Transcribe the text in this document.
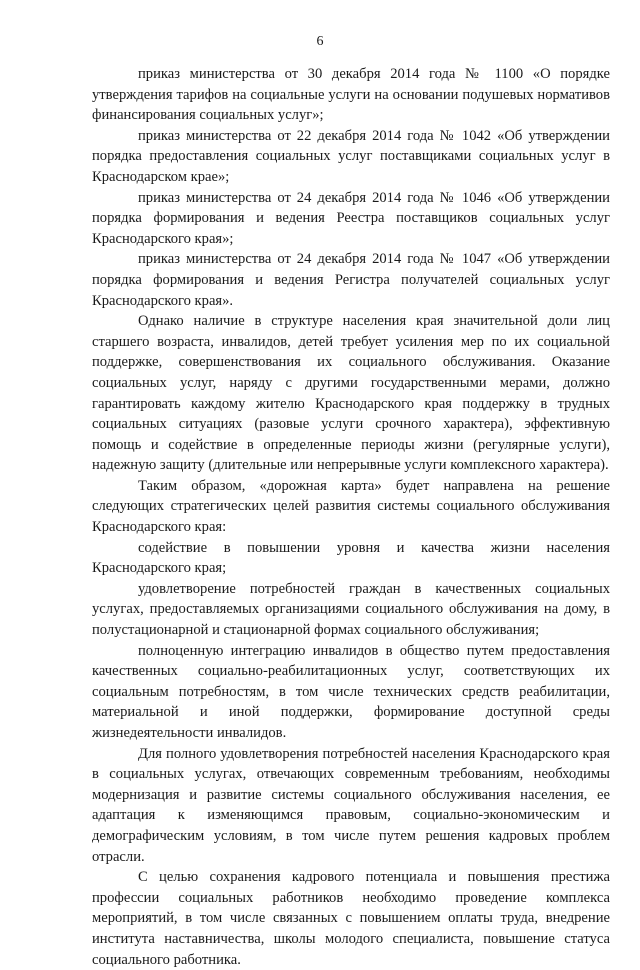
6

приказ министерства от 30 декабря 2014 года № 1100 «О порядке утверждения тарифов на социальные услуги на основании подушевых нормативов финансирования социальных услуг»;

приказ министерства от 22 декабря 2014 года № 1042 «Об утверждении порядка предоставления социальных услуг поставщиками социальных услуг в Краснодарском крае»;

приказ министерства от 24 декабря 2014 года № 1046 «Об утверждении порядка формирования и ведения Реестра поставщиков социальных услуг Краснодарского края»;

приказ министерства от 24 декабря 2014 года № 1047 «Об утверждении порядка формирования и ведения Регистра получателей социальных услуг Краснодарского края».

Однако наличие в структуре населения края значительной доли лиц старшего возраста, инвалидов, детей требует усиления мер по их социальной поддержке, совершенствования их социального обслуживания. Оказание социальных услуг, наряду с другими государственными мерами, должно гарантировать каждому жителю Краснодарского края поддержку в трудных социальных ситуациях (разовые услуги срочного характера), эффективную помощь и содействие в определенные периоды жизни (регулярные услуги), надежную защиту (длительные или непрерывные услуги комплексного характера).

Таким образом, «дорожная карта» будет направлена на решение следующих стратегических целей развития системы социального обслуживания Краснодарского края:

содействие в повышении уровня и качества жизни населения Краснодарского края;

удовлетворение потребностей граждан в качественных социальных услугах, предоставляемых организациями социального обслуживания на дому, в полустационарной и стационарной формах социального обслуживания;

полноценную интеграцию инвалидов в общество путем предоставления качественных социально-реабилитационных услуг, соответствующих их социальным потребностям, в том числе технических средств реабилитации, материальной и иной поддержки, формирование доступной среды жизнедеятельности инвалидов.

Для полного удовлетворения потребностей населения Краснодарского края в социальных услугах, отвечающих современным требованиям, необходимы модернизация и развитие системы социального обслуживания населения, ее адаптация к изменяющимся правовым, социально-экономическим и демографическим условиям, в том числе путем решения кадровых проблем отрасли.

С целью сохранения кадрового потенциала и повышения престижа профессии социальных работников необходимо проведение комплекса мероприятий, в том числе связанных с повышением оплаты труда, внедрение института наставничества, школы молодого специалиста, повышение статуса социального работника.
